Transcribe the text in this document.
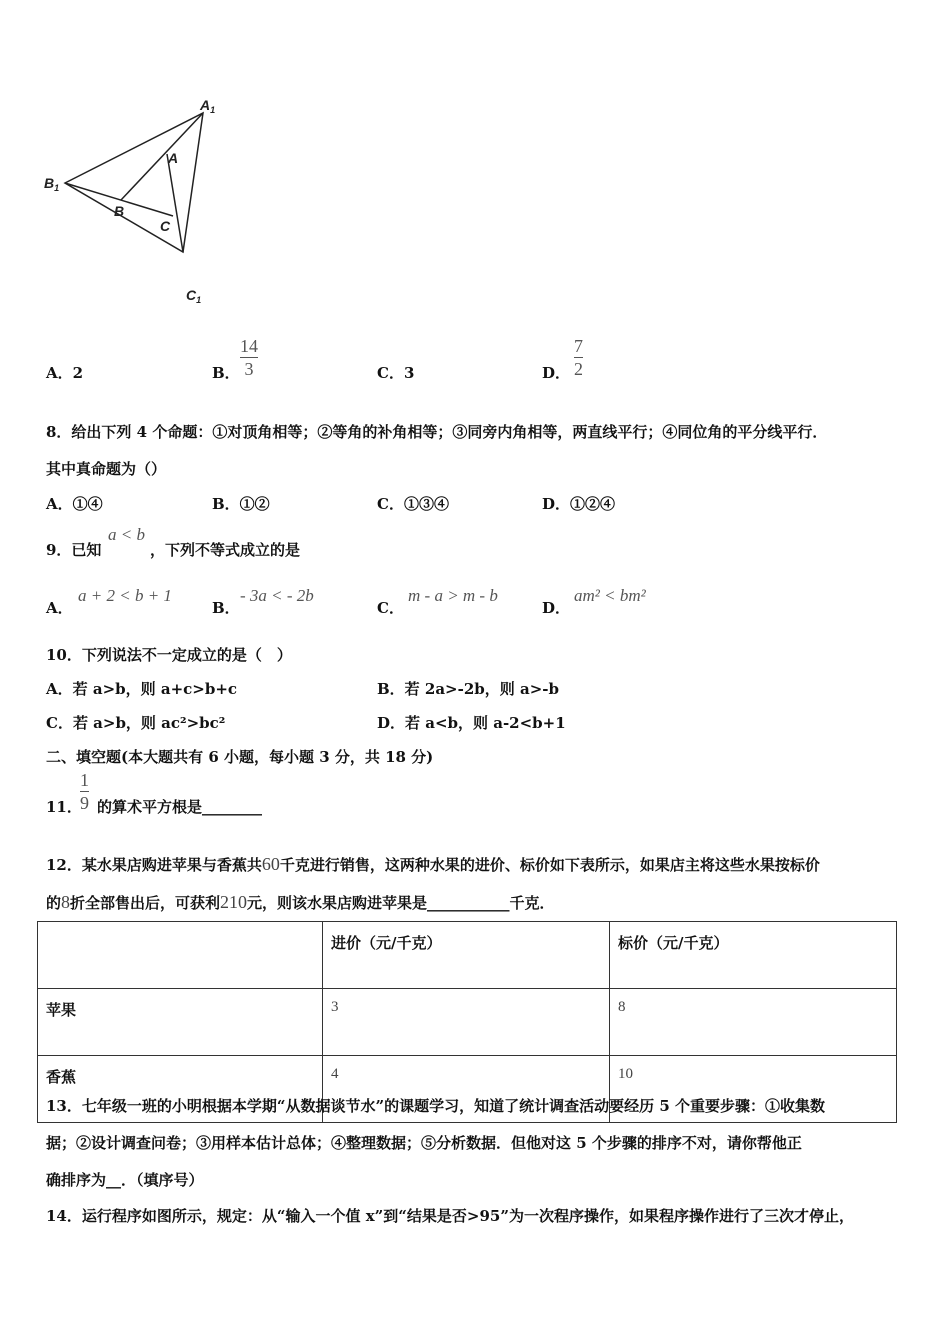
$A_1$
$B_1$
$C_1$
A
B
C
A．2	B．
14
3	C．3	D．
7
2
8．给出下列 4 个命题：①对顶角相等；②等角的补角相等；③同旁内角相等，两直线平行；④同位角的平分线平行．
其中真命题为（）
A．①④	B．①②	C．①③④	D．①②④
9．已知
a < b
，下列不等式成立的是
A．
a + 2 < b + 1
B．
- 3a < - 2b
C．
m - a > m - b
D．
am² < bm²
10．下列说法不一定成立的是（　）
A．若 a>b，则 a+c>b+c	B．若 2a>-2b，则 a>-b
C．若 a>b，则 ac²>bc²	D．若 a<b，则 a-2<b+1
二、填空题(本大题共有 6 小题，每小题 3 分，共 18 分)
11．
1
9 的算术平方根是________
12．某水果店购进苹果与香蕉共60千克进行销售，这两种水果的进价、标价如下表所示，如果店主将这些水果按标价
的8折全部售出后，可获利210元，则该水果店购进苹果是___________千克．
	进价（元/千克）	标价（元/千克）
苹果	3	8
香蕉	4	10
13．七年级一班的小明根据本学期“从数据谈节水”的课题学习，知道了统计调查活动要经历 5 个重要步骤：①收集数
据；②设计调查问卷；③用样本估计总体；④整理数据；⑤分析数据．但他对这 5 个步骤的排序不对，请你帮他正
确排序为__．（填序号）
14．运行程序如图所示，规定：从“输入一个值 x”到“结果是否>95”为一次程序操作，如果程序操作进行了三次才停止，
